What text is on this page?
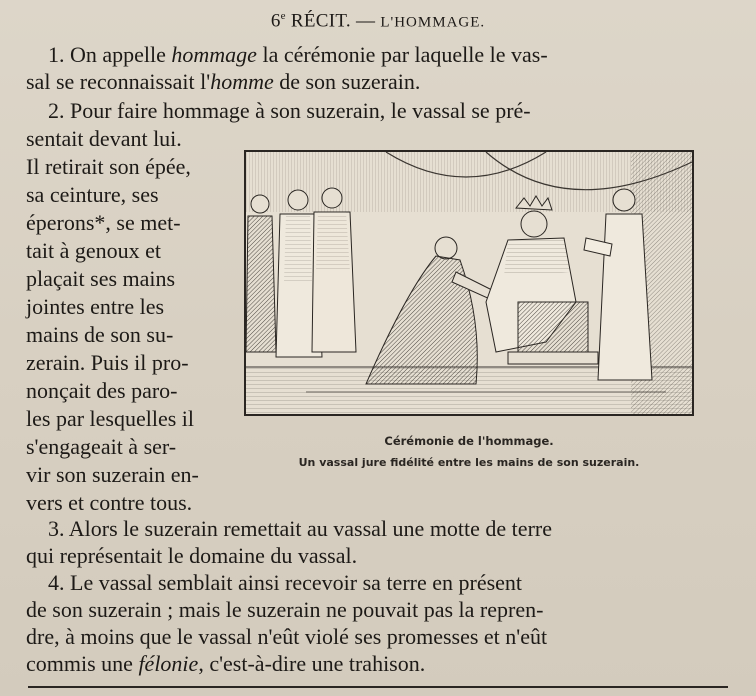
6e RÉCIT. — L'HOMMAGE.
1. On appelle hommage la cérémonie par laquelle le vas-
sal se reconnaissait l'homme de son suzerain.
2. Pour faire hommage à son suzerain, le vassal se pré-
sentait devant lui.
Il retirait son épée,
sa ceinture, ses
éperons*, se met-
tait à genoux et
plaçait ses mains
jointes entre les
mains de son su-
zerain. Puis il pro-
nonçait des paro-
les par lesquelles il
s'engageait à ser-
vir son suzerain en-
vers et contre tous.
Cérémonie de l'hommage.
Un vassal jure fidélité entre les mains de son suzerain.
3. Alors le suzerain remettait au vassal une motte de terre
qui représentait le domaine du vassal.
4. Le vassal semblait ainsi recevoir sa terre en présent
de son suzerain ; mais le suzerain ne pouvait pas la repren-
dre, à moins que le vassal n'eût violé ses promesses et n'eût
commis une félonie, c'est-à-dire une trahison.
